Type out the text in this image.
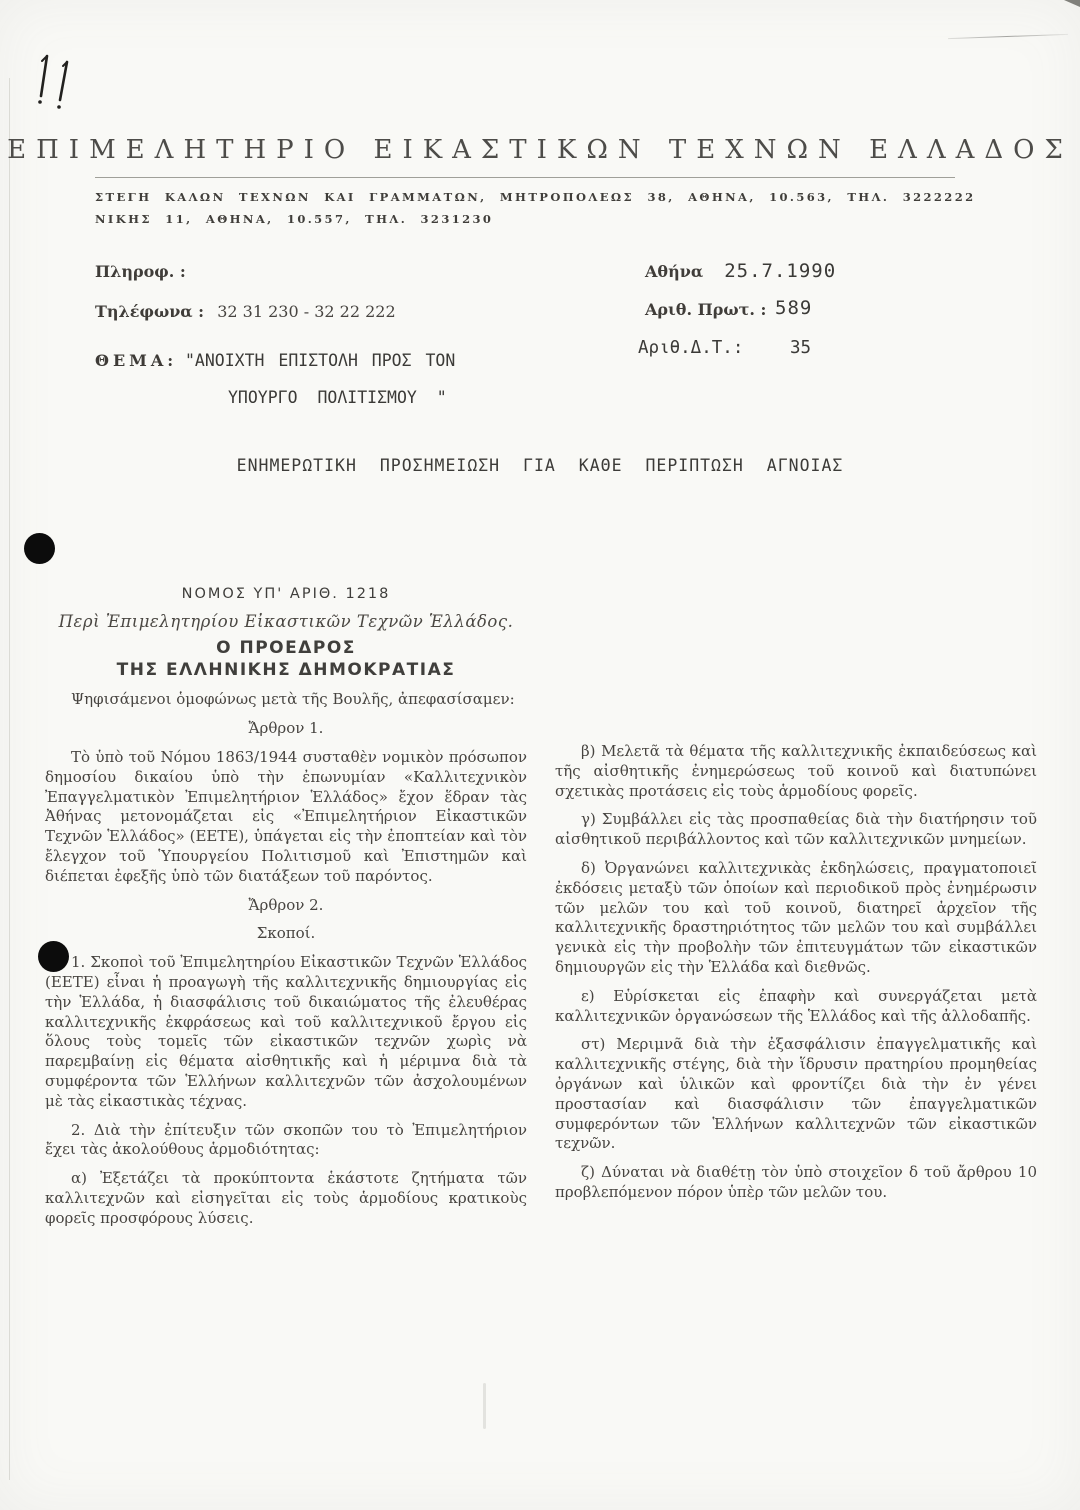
ΕΠΙΜΕΛΗΤΗΡΙΟ ΕΙΚΑΣΤΙΚΩΝ ΤΕΧΝΩΝ ΕΛΛΑΔΟΣ
ΣΤΕΓΗ ΚΑΛΩΝ ΤΕΧΝΩΝ ΚΑΙ ΓΡΑΜΜΑΤΩΝ, ΜΗΤΡΟΠΟΛΕΩΣ 38, ΑΘΗΝΑ, 10.563, ΤΗΛ. 3222222
ΝΙΚΗΣ 11, ΑΘΗΝΑ, 10.557, ΤΗΛ. 3231230
Πληροφ. :
Τηλέφωνα : 32 31 230 - 32 22 222
Αθήνα 25.7.1990
Αριθ. Πρωτ. : 589
Αριθ.Δ.Τ.:	35
ΘΕΜΑ: "ΑΝΟΙΧΤΗ ΕΠΙΣΤΟΛΗ ΠΡΟΣ ΤΟΝ
ΥΠΟΥΡΓΟ ΠΟΛΙΤΙΣΜΟΥ "
ΕΝΗΜΕΡΩΤΙΚΗ ΠΡΟΣΗΜΕΙΩΣΗ ΓΙΑ ΚΑΘΕ ΠΕΡΙΠΤΩΣΗ ΑΓΝΟΙΑΣ
ΝΟΜΟΣ ΥΠ' ΑΡΙΘ. 1218
Περὶ Ἐπιμελητηρίου Εἰκαστικῶν Τεχνῶν Ἑλλάδος.
Ο ΠΡΟΕΔΡΟΣ
ΤΗΣ ΕΛΛΗΝΙΚΗΣ ΔΗΜΟΚΡΑΤΙΑΣ

Ψηφισάμενοι ὁμοφώνως μετὰ τῆς Βουλῆς, ἀπεφασίσαμεν:

Ἄρθρον 1.

Τὸ ὑπὸ τοῦ Νόμου 1863/1944 συσταθὲν νομικὸν πρόσωπον δημοσίου δικαίου ὑπὸ τὴν ἐπωνυμίαν «Καλλιτεχνικὸν Ἐπαγγελματικὸν Ἐπιμελητήριον Ἑλλάδος» ἔχον ἕδραν τὰς Ἀθήνας μετονομάζεται εἰς «Ἐπιμελητήριον Εἰκαστικῶν Τεχνῶν Ἑλλάδος» (ΕΕΤΕ), ὑπάγεται εἰς τὴν ἐποπτείαν καὶ τὸν ἔλεγχον τοῦ Ὑπουργείου Πολιτισμοῦ καὶ Ἐπιστημῶν καὶ διέπεται ἐφεξῆς ὑπὸ τῶν διατάξεων τοῦ παρόντος.

Ἄρθρον 2.
Σκοποί.

1. Σκοποὶ τοῦ Ἐπιμελητηρίου Εἰκαστικῶν Τεχνῶν Ἑλλάδος (ΕΕΤΕ) εἶναι ἡ προαγωγὴ τῆς καλλιτεχνικῆς δημιουργίας εἰς τὴν Ἑλλάδα, ἡ διασφάλισις τοῦ δικαιώματος τῆς ἐλευθέρας καλλιτεχνικῆς ἐκφράσεως καὶ τοῦ καλλιτεχνικοῦ ἔργου εἰς ὅλους τοὺς τομεῖς τῶν εἰκαστικῶν τεχνῶν χωρὶς νὰ παρεμβαίνῃ εἰς θέματα αἰσθητικῆς καὶ ἡ μέριμνα διὰ τὰ συμφέροντα τῶν Ἑλλήνων καλλιτεχνῶν τῶν ἀσχολουμένων μὲ τὰς εἰκαστικὰς τέχνας.

2. Διὰ τὴν ἐπίτευξιν τῶν σκοπῶν του τὸ Ἐπιμελητήριον ἔχει τὰς ἀκολούθους ἁρμοδιότητας:

α) Ἐξετάζει τὰ προκύπτοντα ἑκάστοτε ζητήματα τῶν καλλιτεχνῶν καὶ εἰσηγεῖται εἰς τοὺς ἁρμοδίους κρατικοὺς φορεῖς προσφόρους λύσεις.

β) Μελετᾶ τὰ θέματα τῆς καλλιτεχνικῆς ἐκπαιδεύσεως καὶ τῆς αἰσθητικῆς ἐνημερώσεως τοῦ κοινοῦ καὶ διατυπώνει σχετικὰς προτάσεις εἰς τοὺς ἁρμοδίους φορεῖς.

γ) Συμβάλλει εἰς τὰς προσπαθείας διὰ τὴν διατήρησιν τοῦ αἰσθητικοῦ περιβάλλοντος καὶ τῶν καλλιτεχνικῶν μνημείων.

δ) Ὀργανώνει καλλιτεχνικὰς ἐκδηλώσεις, πραγματοποιεῖ ἐκδόσεις μεταξὺ τῶν ὁποίων καὶ περιοδικοῦ πρὸς ἐνημέρωσιν τῶν μελῶν του καὶ τοῦ κοινοῦ, διατηρεῖ ἀρχεῖον τῆς καλλιτεχνικῆς δραστηριότητος τῶν μελῶν του καὶ συμβάλλει γενικὰ εἰς τὴν προβολὴν τῶν ἐπιτευγμάτων τῶν εἰκαστικῶν δημιουργῶν εἰς τὴν Ἑλλάδα καὶ διεθνῶς.

ε) Εὑρίσκεται εἰς ἐπαφὴν καὶ συνεργάζεται μετὰ καλλιτεχνικῶν ὀργανώσεων τῆς Ἑλλάδος καὶ τῆς ἀλλοδαπῆς.

στ) Μεριμνᾶ διὰ τὴν ἐξασφάλισιν ἐπαγγελματικῆς καὶ καλλιτεχνικῆς στέγης, διὰ τὴν ἵδρυσιν πρατηρίου προμηθείας ὀργάνων καὶ ὑλικῶν καὶ φροντίζει διὰ τὴν ἐν γένει προστασίαν καὶ διασφάλισιν τῶν ἐπαγγελματικῶν συμφερόντων τῶν Ἑλλήνων καλλιτεχνῶν τῶν εἰκαστικῶν τεχνῶν.

ζ) Δύναται νὰ διαθέτῃ τὸν ὑπὸ στοιχεῖον δ τοῦ ἄρθρου 10 προβλεπόμενον πόρον ὑπὲρ τῶν μελῶν του.
